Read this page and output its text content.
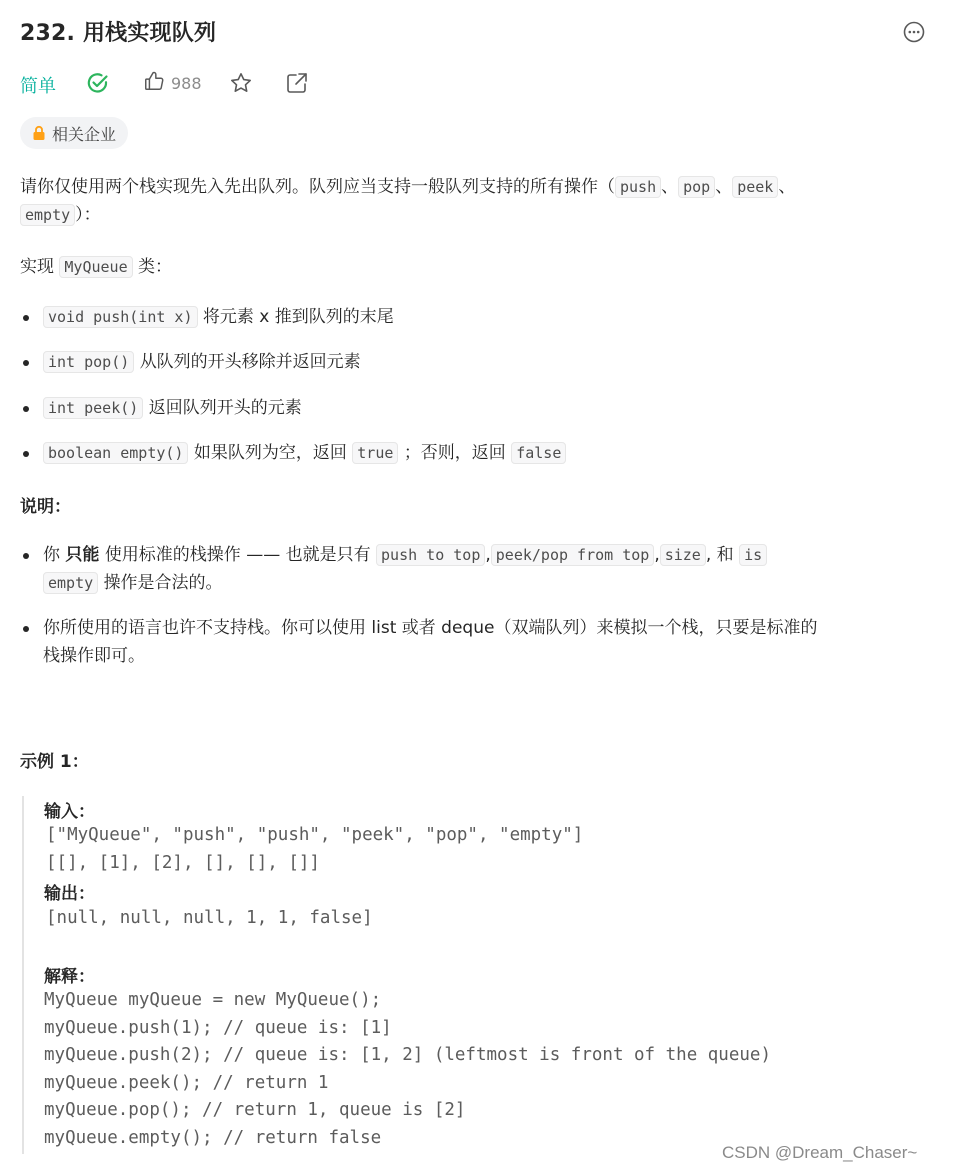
232. 用栈实现队列
简单	988
相关企业
请你仅使用两个栈实现先入先出队列。队列应当支持一般队列支持的所有操作（ push 、 pop 、 peek 、
empty ）：
实现 MyQueue 类：
void push(int x) 将元素 x 推到队列的末尾
int pop() 从队列的开头移除并返回元素
int peek() 返回队列开头的元素
boolean empty() 如果队列为空，返回 true ；否则，返回 false
说明：
你 只能 使用标准的栈操作 —— 也就是只有 push to top , peek/pop from top , size , 和 is
empty 操作是合法的。
你所使用的语言也许不支持栈。你可以使用 list 或者 deque（双端队列）来模拟一个栈，只要是标准的
栈操作即可。
示例 1：
输入：
["MyQueue", "push", "push", "peek", "pop", "empty"]
[[], [1], [2], [], [], []]
输出：
[null, null, null, 1, 1, false]
解释：
MyQueue myQueue = new MyQueue();
myQueue.push(1); // queue is: [1]
myQueue.push(2); // queue is: [1, 2] (leftmost is front of the queue)
myQueue.peek(); // return 1
myQueue.pop(); // return 1, queue is [2]
myQueue.empty(); // return false
CSDN @Dream_Chaser~
